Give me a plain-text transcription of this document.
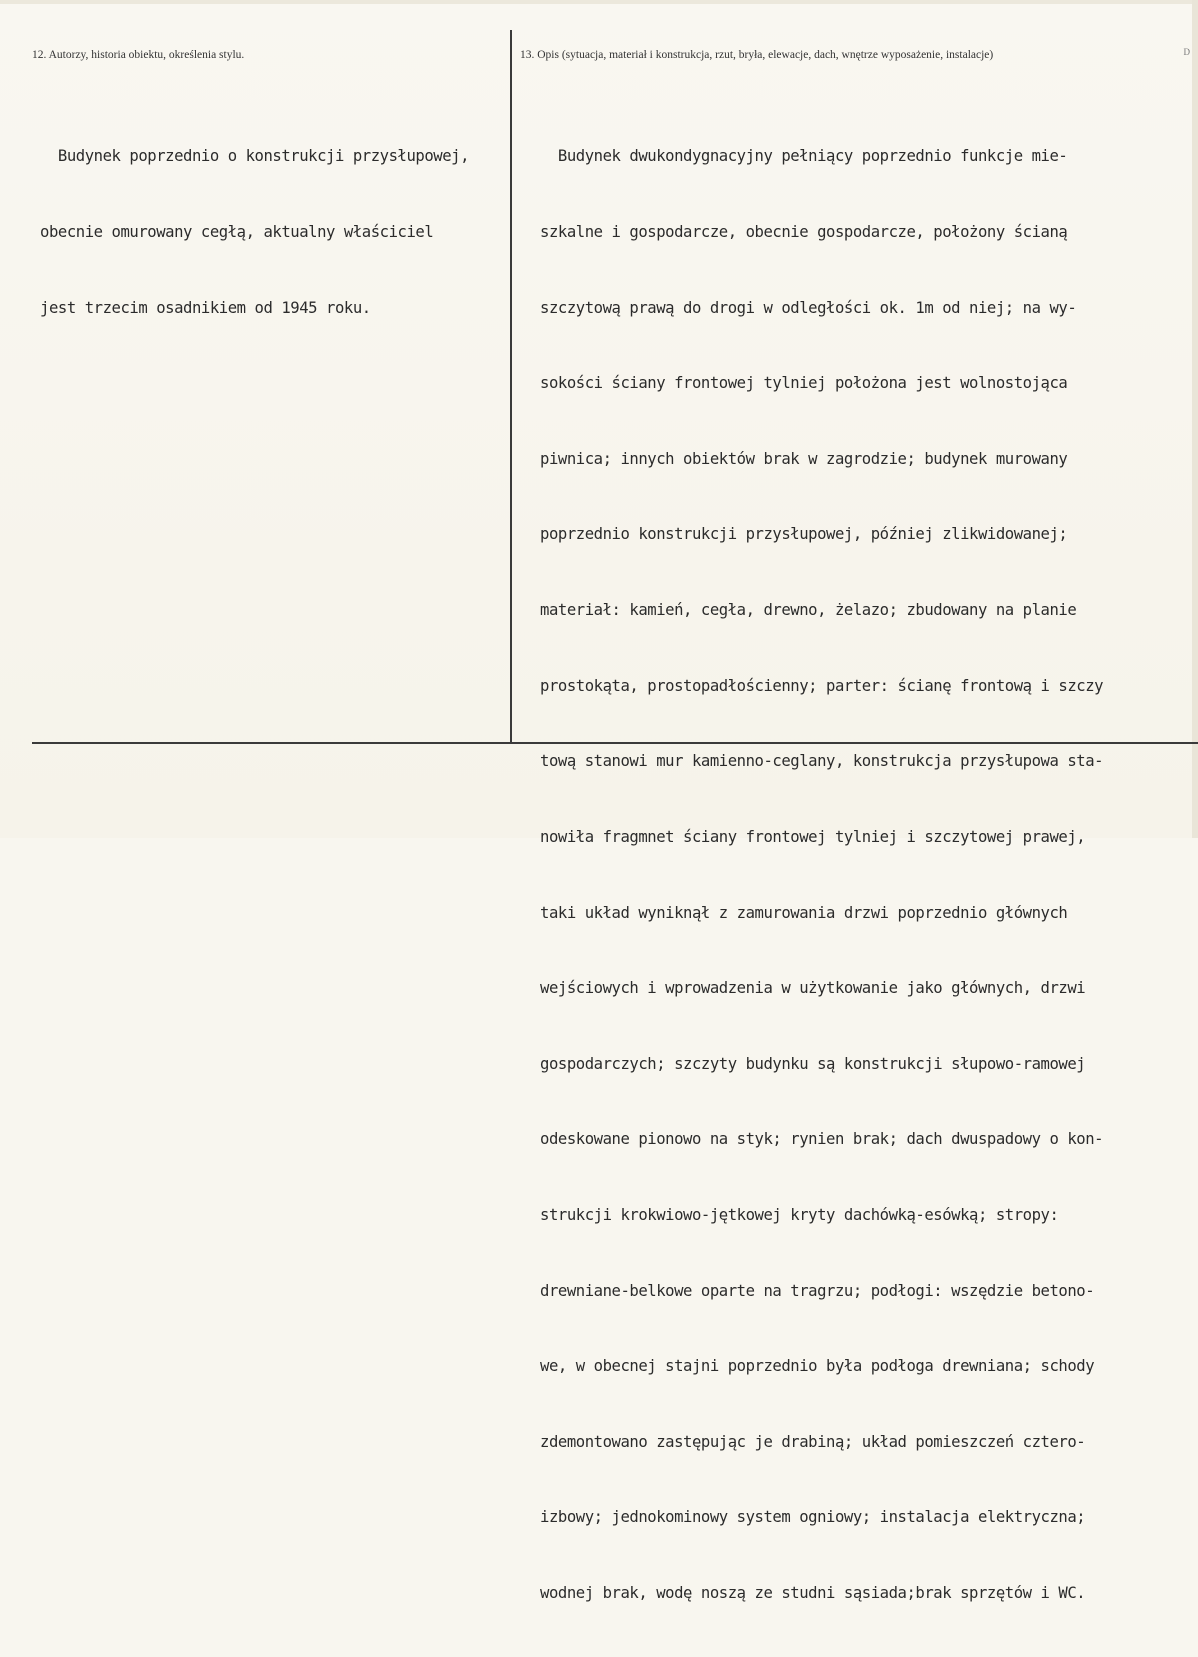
12. Autorzy, historia obiektu, określenia stylu.	13. Opis (sytuacja, materiał i konstrukcja, rzut, bryła, elewacje, dach, wnętrze wyposażenie, instalacje)	D

Budynek poprzednio o konstrukcji przysłupowej,

obecnie omurowany cegłą, aktualny właściciel

jest trzecim osadnikiem od 1945 roku.

Budynek dwukondygnacyjny pełniący poprzednio funkcje mie-

szkalne i gospodarcze, obecnie gospodarcze, położony ścianą

szczytową prawą do drogi w odległości ok. 1m od niej; na wy-

sokości ściany frontowej tylniej położona jest wolnostojąca

piwnica; innych obiektów brak w zagrodzie; budynek murowany

poprzednio konstrukcji przysłupowej, później zlikwidowanej;

materiał: kamień, cegła, drewno, żelazo; zbudowany na planie

prostokąta, prostopadłościenny; parter: ścianę frontową i szczy

tową stanowi mur kamienno-ceglany, konstrukcja przysłupowa sta-

nowiła fragmnet ściany frontowej tylniej i szczytowej prawej,

taki układ wyniknął z zamurowania drzwi poprzednio głównych

wejściowych i wprowadzenia w użytkowanie jako głównych, drzwi

gospodarczych; szczyty budynku są konstrukcji słupowo-ramowej

odeskowane pionowo na styk; rynien brak; dach dwuspadowy o kon-

strukcji krokwiowo-jętkowej kryty dachówką-esówką; stropy:

drewniane-belkowe oparte na tragrzu; podłogi: wszędzie betono-

we, w obecnej stajni poprzednio była podłoga drewniana; schody

zdemontowano zastępując je drabiną; układ pomieszczeń cztero-

izbowy; jednokominowy system ogniowy; instalacja elektryczna;

wodnej brak, wodę noszą ze studni sąsiada;brak sprzętów i WC.
